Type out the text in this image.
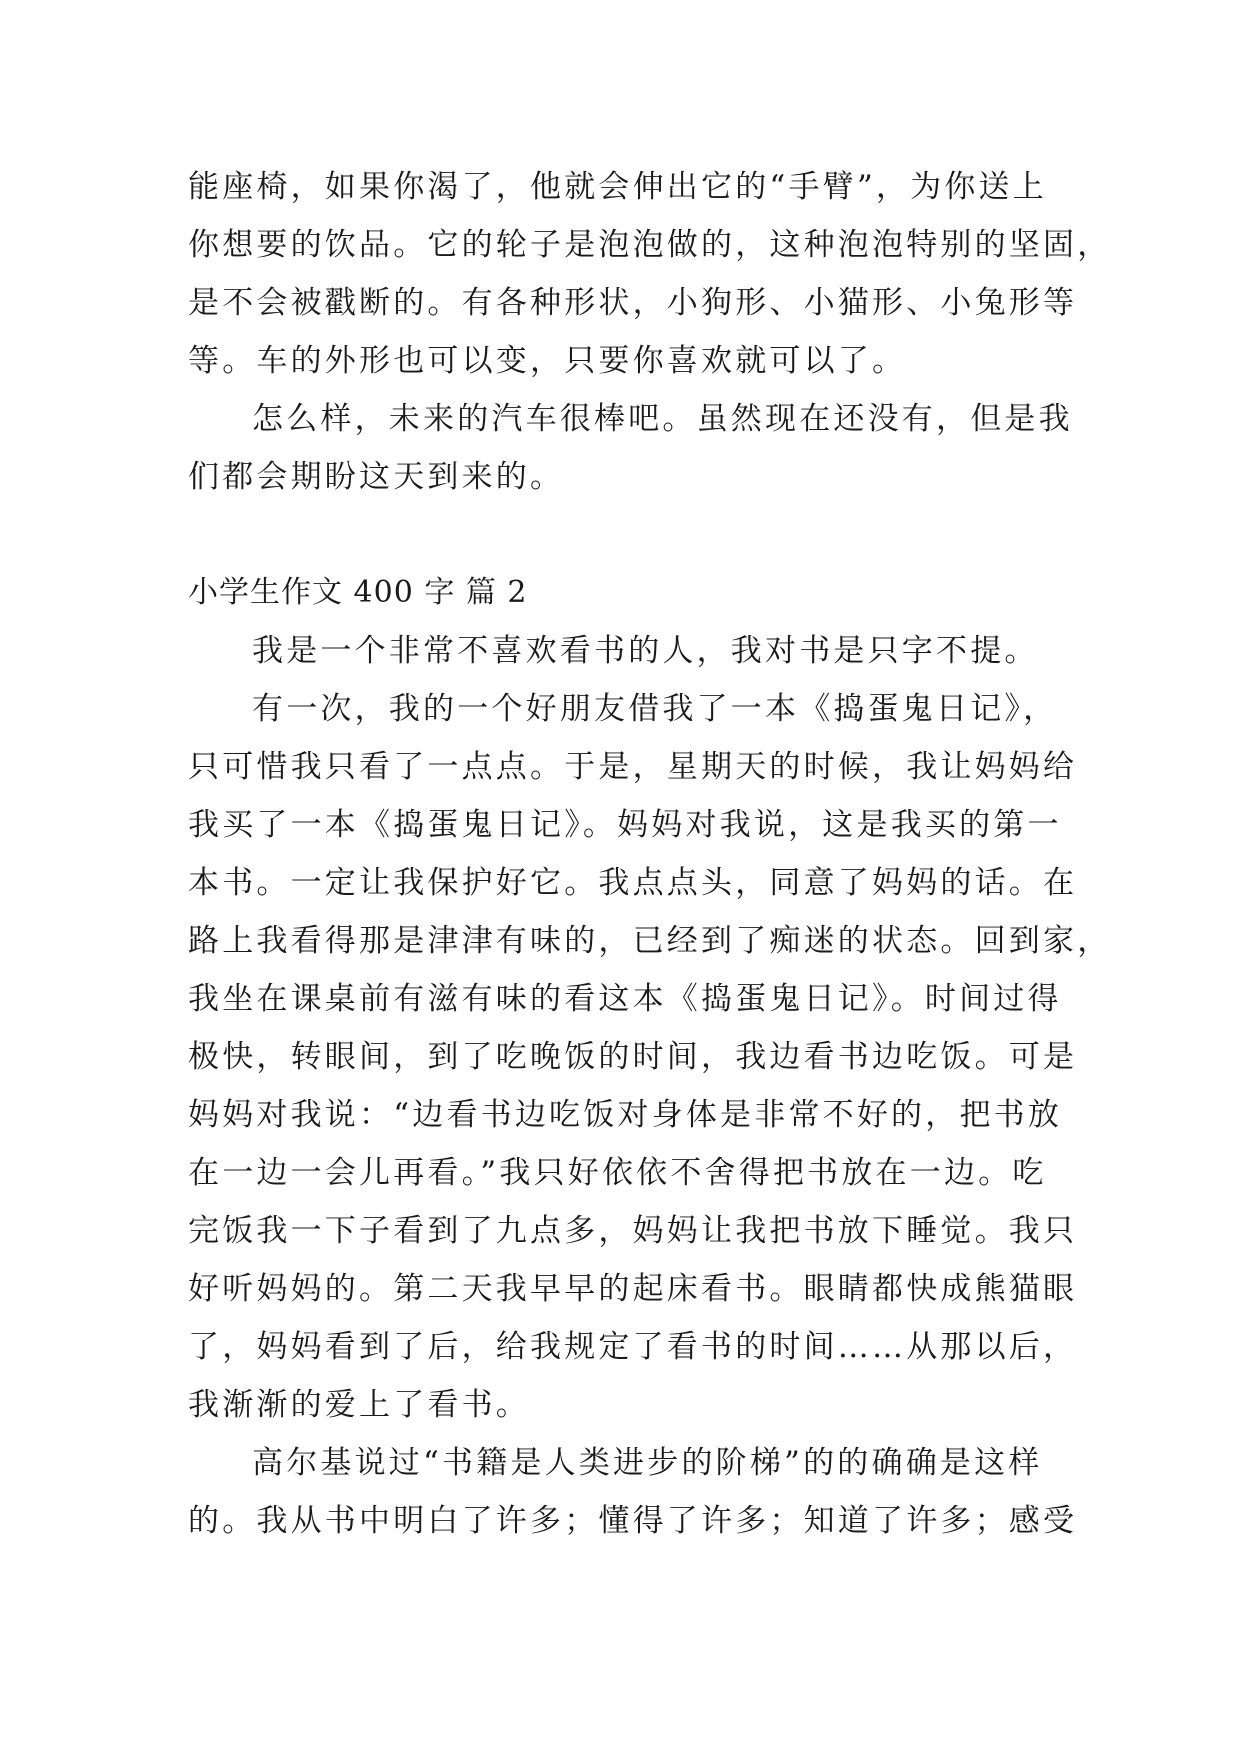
能座椅，如果你渴了，他就会伸出它的“手臂”，为你送上
你想要的饮品。它的轮子是泡泡做的，这种泡泡特别的坚固，
是不会被戳断的。有各种形状，小狗形、小猫形、小兔形等
等。车的外形也可以变，只要你喜欢就可以了。
怎么样，未来的汽车很棒吧。虽然现在还没有，但是我
们都会期盼这天到来的。
小学生作文 400 字 篇 2
我是一个非常不喜欢看书的人，我对书是只字不提。
有一次，我的一个好朋友借我了一本《捣蛋鬼日记》，
只可惜我只看了一点点。于是，星期天的时候，我让妈妈给
我买了一本《捣蛋鬼日记》。妈妈对我说，这是我买的第一
本书。一定让我保护好它。我点点头，同意了妈妈的话。在
路上我看得那是津津有味的，已经到了痴迷的状态。回到家，
我坐在课桌前有滋有味的看这本《捣蛋鬼日记》。时间过得
极快，转眼间，到了吃晚饭的时间，我边看书边吃饭。可是
妈妈对我说：“边看书边吃饭对身体是非常不好的，把书放
在一边一会儿再看。”我只好依依不舍得把书放在一边。吃
完饭我一下子看到了九点多，妈妈让我把书放下睡觉。我只
好听妈妈的。第二天我早早的起床看书。眼睛都快成熊猫眼
了，妈妈看到了后，给我规定了看书的时间……从那以后，
我渐渐的爱上了看书。
高尔基说过“书籍是人类进步的阶梯”的的确确是这样
的。我从书中明白了许多；懂得了许多；知道了许多；感受
